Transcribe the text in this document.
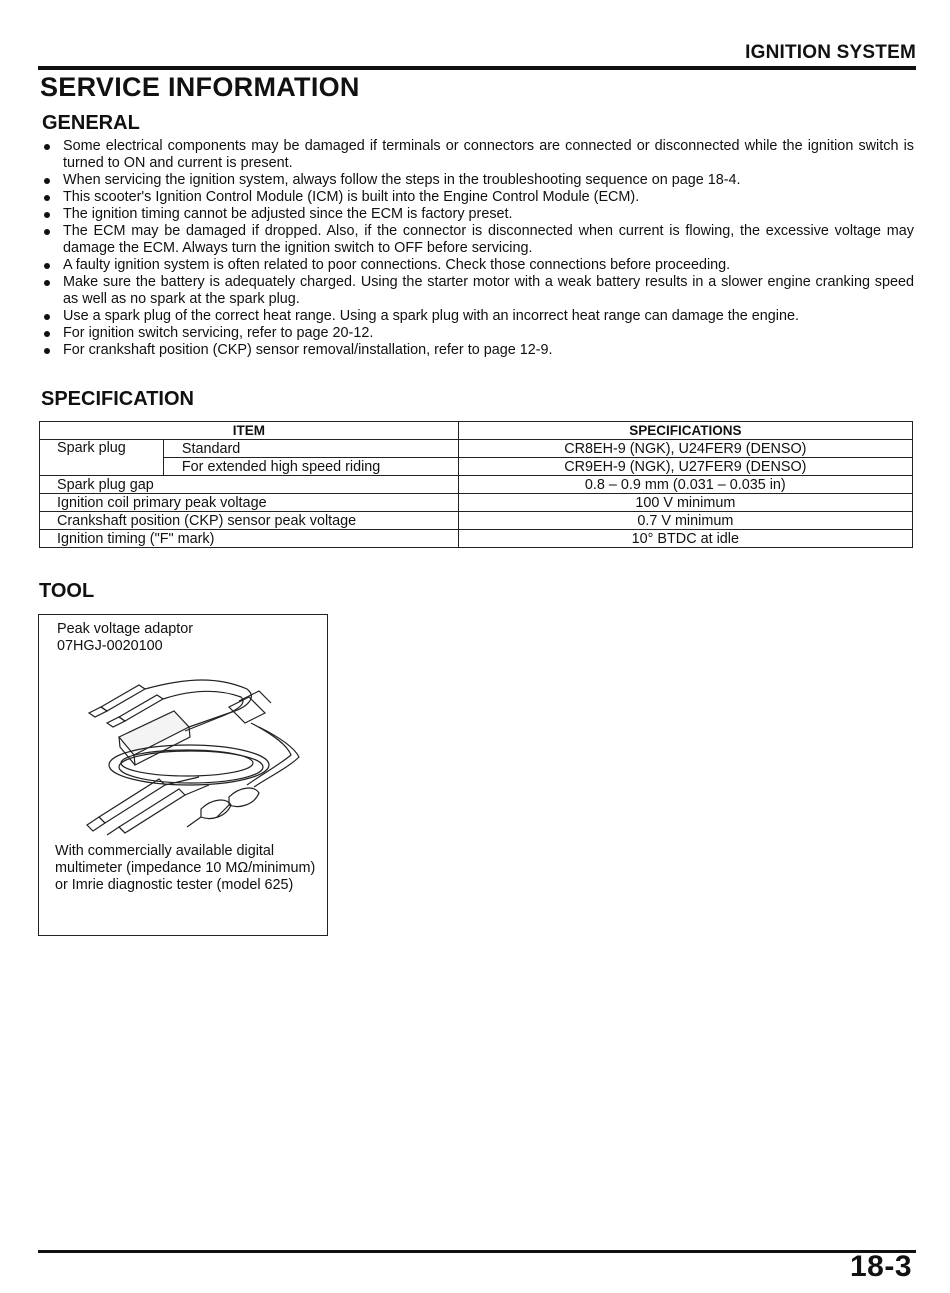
IGNITION SYSTEM
SERVICE INFORMATION
GENERAL
Some electrical components may be damaged if terminals or connectors are connected or disconnected while the ignition switch is turned to ON and current is present.
When servicing the ignition system, always follow the steps in the troubleshooting sequence on page 18-4.
This scooter's Ignition Control Module (ICM) is built into the Engine Control Module (ECM).
The ignition timing cannot be adjusted since the ECM is factory preset.
The ECM may be damaged if dropped. Also, if the connector is disconnected when current is flowing, the excessive voltage may damage the ECM. Always turn the ignition switch to OFF before servicing.
A faulty ignition system is often related to poor connections. Check those connections before proceeding.
Make sure the battery is adequately charged. Using the starter motor with a weak battery results in a slower engine cranking speed as well as no spark at the spark plug.
Use a spark plug of the correct heat range. Using a spark plug with an incorrect heat range can damage the engine.
For ignition switch servicing, refer to page 20-12.
For crankshaft position (CKP) sensor removal/installation, refer to page 12-9.
SPECIFICATION
ITEM		SPECIFICATIONS
Spark plug	Standard	CR8EH-9 (NGK), U24FER9 (DENSO)
	For extended high speed riding	CR9EH-9 (NGK), U27FER9 (DENSO)
Spark plug gap		0.8 – 0.9 mm (0.031 – 0.035 in)
Ignition coil primary peak voltage		100 V minimum
Crankshaft position (CKP) sensor peak voltage		0.7 V minimum
Ignition timing ("F" mark)		10° BTDC at idle
TOOL
Peak voltage adaptor
07HGJ-0020100
With commercially available digital multimeter (impedance 10 MΩ/minimum)
or Imrie diagnostic tester (model 625)
18-3
